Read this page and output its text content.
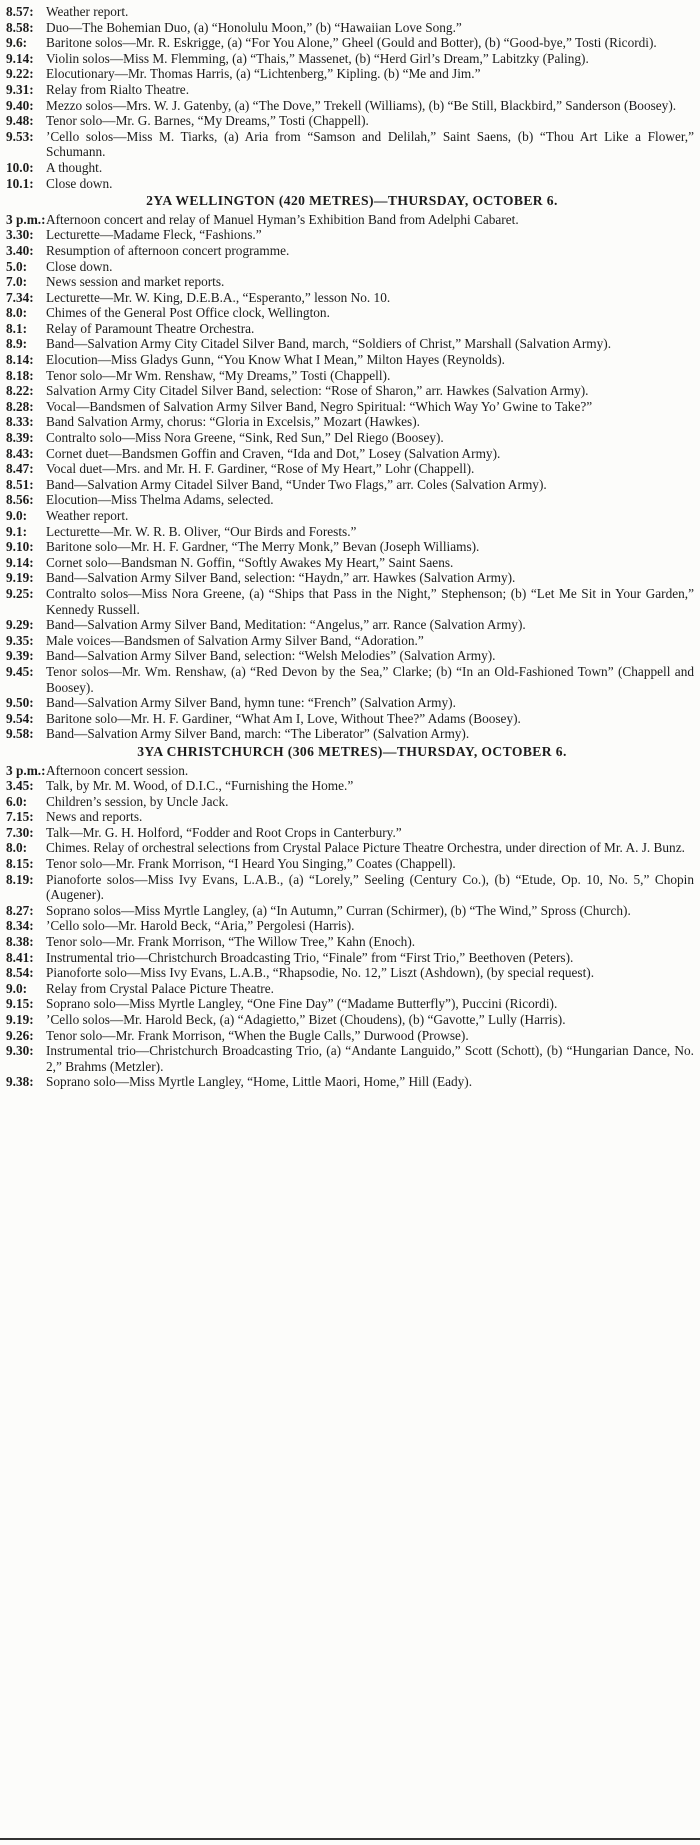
8.57: Weather report.
8.58: Duo—The Bohemian Duo, (a) “Honolulu Moon,” (b) “Hawaiian Love Song.”
9.6:	Baritone solos—Mr. R. Eskrigge, (a) “For You Alone,” Gheel (Gould and Botter), (b) “Good-bye,” Tosti (Ricordi).
9.14: Violin solos—Miss M. Flemming, (a) “Thais,” Massenet, (b) “Herd Girl’s Dream,” Labitzky (Paling).
9.22: Elocutionary—Mr. Thomas Harris, (a) “Lichtenberg,” Kipling. (b) “Me and Jim.”
9.31: Relay from Rialto Theatre.
9.40: Mezzo solos—Mrs. W. J. Gatenby, (a) “The Dove,” Trekell (Williams), (b) “Be Still, Blackbird,” Sanderson (Boosey).
9.48: Tenor solo—Mr. G. Barnes, “My Dreams,” Tosti (Chappell).
9.53: ’Cello solos—Miss M. Tiarks, (a) Aria from “Samson and Delilah,” Saint Saens, (b) “Thou Art Like a Flower,” Schumann.
10.0: A thought.
10.1: Close down.
2YA WELLINGTON (420 METRES)—THURSDAY, OCTOBER 6.
3 p.m.: Afternoon concert and relay of Manuel Hyman’s Exhibition Band from Adelphi Cabaret.
3.30: Lecturette—Madame Fleck, “Fashions.”
3.40: Resumption of afternoon concert programme.
5.0:	Close down.
7.0:	News session and market reports.
7.34: Lecturette—Mr. W. King, D.E.B.A., “Esperanto,” lesson No. 10.
8.0:	Chimes of the General Post Office clock, Wellington.
8.1:	Relay of Paramount Theatre Orchestra.
8.9:	Band—Salvation Army City Citadel Silver Band, march, “Soldiers of Christ,” Marshall (Salvation Army).
8.14: Elocution—Miss Gladys Gunn, “You Know What I Mean,” Milton Hayes (Reynolds).
8.18: Tenor solo—Mr Wm. Renshaw, “My Dreams,” Tosti (Chappell).
8.22: Salvation Army City Citadel Silver Band, selection: “Rose of Sharon,” arr. Hawkes (Salvation Army).
8.28: Vocal—Bandsmen of Salvation Army Silver Band, Negro Spiritual: “Which Way Yo’ Gwine to Take?”
8.33: Band Salvation Army, chorus: “Gloria in Excelsis,” Mozart (Hawkes).
8.39: Contralto solo—Miss Nora Greene, “Sink, Red Sun,” Del Riego (Boosey).
8.43: Cornet duet—Bandsmen Goffin and Craven, “Ida and Dot,” Losey (Salvation Army).
8.47: Vocal duet—Mrs. and Mr. H. F. Gardiner, “Rose of My Heart,” Lohr (Chappell).
8.51: Band—Salvation Army Citadel Silver Band, “Under Two Flags,” arr. Coles (Salvation Army).
8.56: Elocution—Miss Thelma Adams, selected.
9.0:	Weather report.
9.1:	Lecturette—Mr. W. R. B. Oliver, “Our Birds and Forests.”
9.10: Baritone solo—Mr. H. F. Gardner, “The Merry Monk,” Bevan (Joseph Williams).
9.14: Cornet solo—Bandsman N. Goffin, “Softly Awakes My Heart,” Saint Saens.
9.19: Band—Salvation Army Silver Band, selection: “Haydn,” arr. Hawkes (Salvation Army).
9.25: Contralto solos—Miss Nora Greene, (a) “Ships that Pass in the Night,” Stephenson; (b) “Let Me Sit in Your Garden,” Kennedy Russell.
9.29: Band—Salvation Army Silver Band, Meditation: “Angelus,” arr. Rance (Salvation Army).
9.35: Male voices—Bandsmen of Salvation Army Silver Band, “Adoration.”
9.39: Band—Salvation Army Silver Band, selection: “Welsh Melodies” (Salvation Army).
9.45: Tenor solos—Mr. Wm. Renshaw, (a) “Red Devon by the Sea,” Clarke; (b) “In an Old-Fashioned Town” (Chappell and Boosey).
9.50: Band—Salvation Army Silver Band, hymn tune: “French” (Salvation Army).
9.54: Baritone solo—Mr. H. F. Gardiner, “What Am I, Love, Without Thee?” Adams (Boosey).
9.58: Band—Salvation Army Silver Band, march: “The Liberator” (Salvation Army).
3YA CHRISTCHURCH (306 METRES)—THURSDAY, OCTOBER 6.
3 p.m.: Afternoon concert session.
3.45: Talk, by Mr. M. Wood, of D.I.C., “Furnishing the Home.”
6.0:	Children’s session, by Uncle Jack.
7.15: News and reports.
7.30: Talk—Mr. G. H. Holford, “Fodder and Root Crops in Canterbury.”
8.0:	Chimes. Relay of orchestral selections from Crystal Palace Picture Theatre Orchestra, under direction of Mr. A. J. Bunz.
8.15: Tenor solo—Mr. Frank Morrison, “I Heard You Singing,” Coates (Chappell).
8.19: Pianoforte solos—Miss Ivy Evans, L.A.B., (a) “Lorely,” Seeling (Century Co.), (b) “Etude, Op. 10, No. 5,” Chopin (Augener).
8.27: Soprano solos—Miss Myrtle Langley, (a) “In Autumn,” Curran (Schirmer), (b) “The Wind,” Spross (Church).
8.34: ’Cello solo—Mr. Harold Beck, “Aria,” Pergolesi (Harris).
8.38: Tenor solo—Mr. Frank Morrison, “The Willow Tree,” Kahn (Enoch).
8.41: Instrumental trio—Christchurch Broadcasting Trio, “Finale” from “First Trio,” Beethoven (Peters).
8.54: Pianoforte solo—Miss Ivy Evans, L.A.B., “Rhapsodie, No. 12,” Liszt (Ashdown), (by special request).
9.0:	Relay from Crystal Palace Picture Theatre.
9.15: Soprano solo—Miss Myrtle Langley, “One Fine Day” (“Madame Butterfly”), Puccini (Ricordi).
9.19: ’Cello solos—Mr. Harold Beck, (a) “Adagietto,” Bizet (Choudens), (b) “Gavotte,” Lully (Harris).
9.26: Tenor solo—Mr. Frank Morrison, “When the Bugle Calls,” Durwood (Prowse).
9.30: Instrumental trio—Christchurch Broadcasting Trio, (a) “Andante Languido,” Scott (Schott), (b) “Hungarian Dance, No. 2,” Brahms (Metzler).
9.38: Soprano solo—Miss Myrtle Langley, “Home, Little Maori, Home,” Hill (Eady).
